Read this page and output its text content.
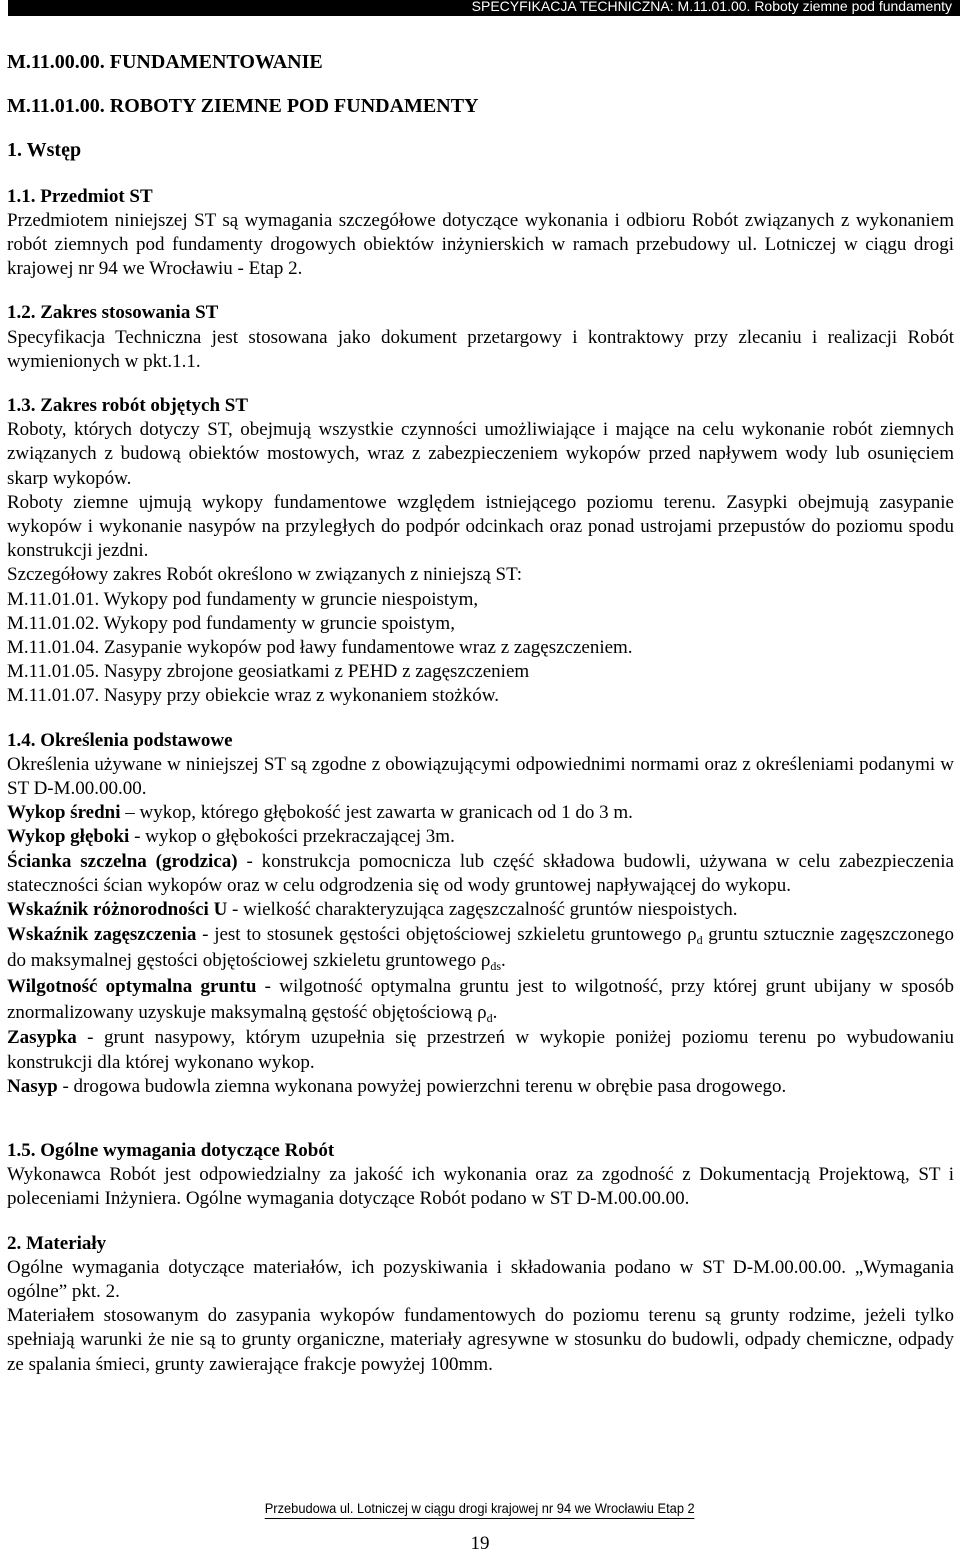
SPECYFIKACJA TECHNICZNA: M.11.01.00. Roboty ziemne pod fundamenty
M.11.00.00. FUNDAMENTOWANIE
M.11.01.00. ROBOTY ZIEMNE POD FUNDAMENTY
1. Wstęp
1.1. Przedmiot ST

Przedmiotem niniejszej ST są wymagania szczegółowe dotyczące wykonania i odbioru Robót związanych z wykonaniem robót ziemnych pod fundamenty drogowych obiektów inżynierskich w ramach przebudowy ul. Lotniczej w ciągu drogi krajowej nr 94 we Wrocławiu - Etap 2.

1.2. Zakres stosowania ST

Specyfikacja Techniczna jest stosowana jako dokument przetargowy i kontraktowy przy zlecaniu i realizacji Robót wymienionych w pkt.1.1.

1.3. Zakres robót objętych ST

Roboty, których dotyczy ST, obejmują wszystkie czynności umożliwiające i mające na celu wykonanie robót ziemnych związanych z budową obiektów mostowych, wraz z zabezpieczeniem wykopów przed napływem wody lub osunięciem skarp wykopów.

Roboty ziemne ujmują wykopy fundamentowe względem istniejącego poziomu terenu. Zasypki obejmują zasypanie wykopów i wykonanie nasypów na przyległych do podpór odcinkach oraz ponad ustrojami przepustów do poziomu spodu konstrukcji jezdni.

Szczegółowy zakres Robót określono w związanych z niniejszą ST:

M.11.01.01. Wykopy pod fundamenty w gruncie niespoistym,
M.11.01.02. Wykopy pod fundamenty w gruncie spoistym,
M.11.01.04. Zasypanie wykopów pod ławy fundamentowe wraz z zagęszczeniem.
M.11.01.05. Nasypy zbrojone geosiatkami z PEHD z zagęszczeniem
M.11.01.07. Nasypy przy obiekcie wraz z wykonaniem stożków.
1.4. Określenia podstawowe

Określenia używane w niniejszej ST są zgodne z obowiązującymi odpowiednimi normami oraz z określeniami podanymi w ST D-M.00.00.00.

Wykop średni – wykop, którego głębokość jest zawarta w granicach od 1 do 3 m.

Wykop głęboki - wykop o głębokości przekraczającej 3m.

Ścianka szczelna (grodzica) - konstrukcja pomocnicza lub część składowa budowli, używana w celu zabezpieczenia stateczności ścian wykopów oraz w celu odgrodzenia się od wody gruntowej napływającej do wykopu.

Wskaźnik różnorodności U - wielkość charakteryzująca zagęszczalność gruntów niespoistych.

Wskaźnik zagęszczenia - jest to stosunek gęstości objętościowej szkieletu gruntowego $\rho_d$ gruntu sztucznie zagęszczonego do maksymalnej gęstości objętościowej szkieletu gruntowego $\rho_{ds}$.

Wilgotność optymalna gruntu - wilgotność optymalna gruntu jest to wilgotność, przy której grunt ubijany w sposób znormalizowany uzyskuje maksymalną gęstość objętościową $\rho_d$.

Zasypka - grunt nasypowy, którym uzupełnia się przestrzeń w wykopie poniżej poziomu terenu po wybudowaniu konstrukcji dla której wykonano wykop.

Nasyp - drogowa budowla ziemna wykonana powyżej powierzchni terenu w obrębie pasa drogowego.

1.5. Ogólne wymagania dotyczące Robót

Wykonawca Robót jest odpowiedzialny za jakość ich wykonania oraz za zgodność z Dokumentacją Projektową, ST i poleceniami Inżyniera. Ogólne wymagania dotyczące Robót podano w ST D-M.00.00.00.

2. Materiały

Ogólne wymagania dotyczące materiałów, ich pozyskiwania i składowania podano w ST D-M.00.00.00. „Wymagania ogólne” pkt. 2.

Materiałem stosowanym do zasypania wykopów fundamentowych do poziomu terenu są grunty rodzime, jeżeli tylko spełniają warunki że nie są to grunty organiczne, materiały agresywne w stosunku do budowli, odpady chemiczne, odpady ze spalania śmieci, grunty zawierające frakcje powyżej 100mm.

Przebudowa ul. Lotniczej w ciągu drogi krajowej nr 94 we Wrocławiu Etap 2
19
